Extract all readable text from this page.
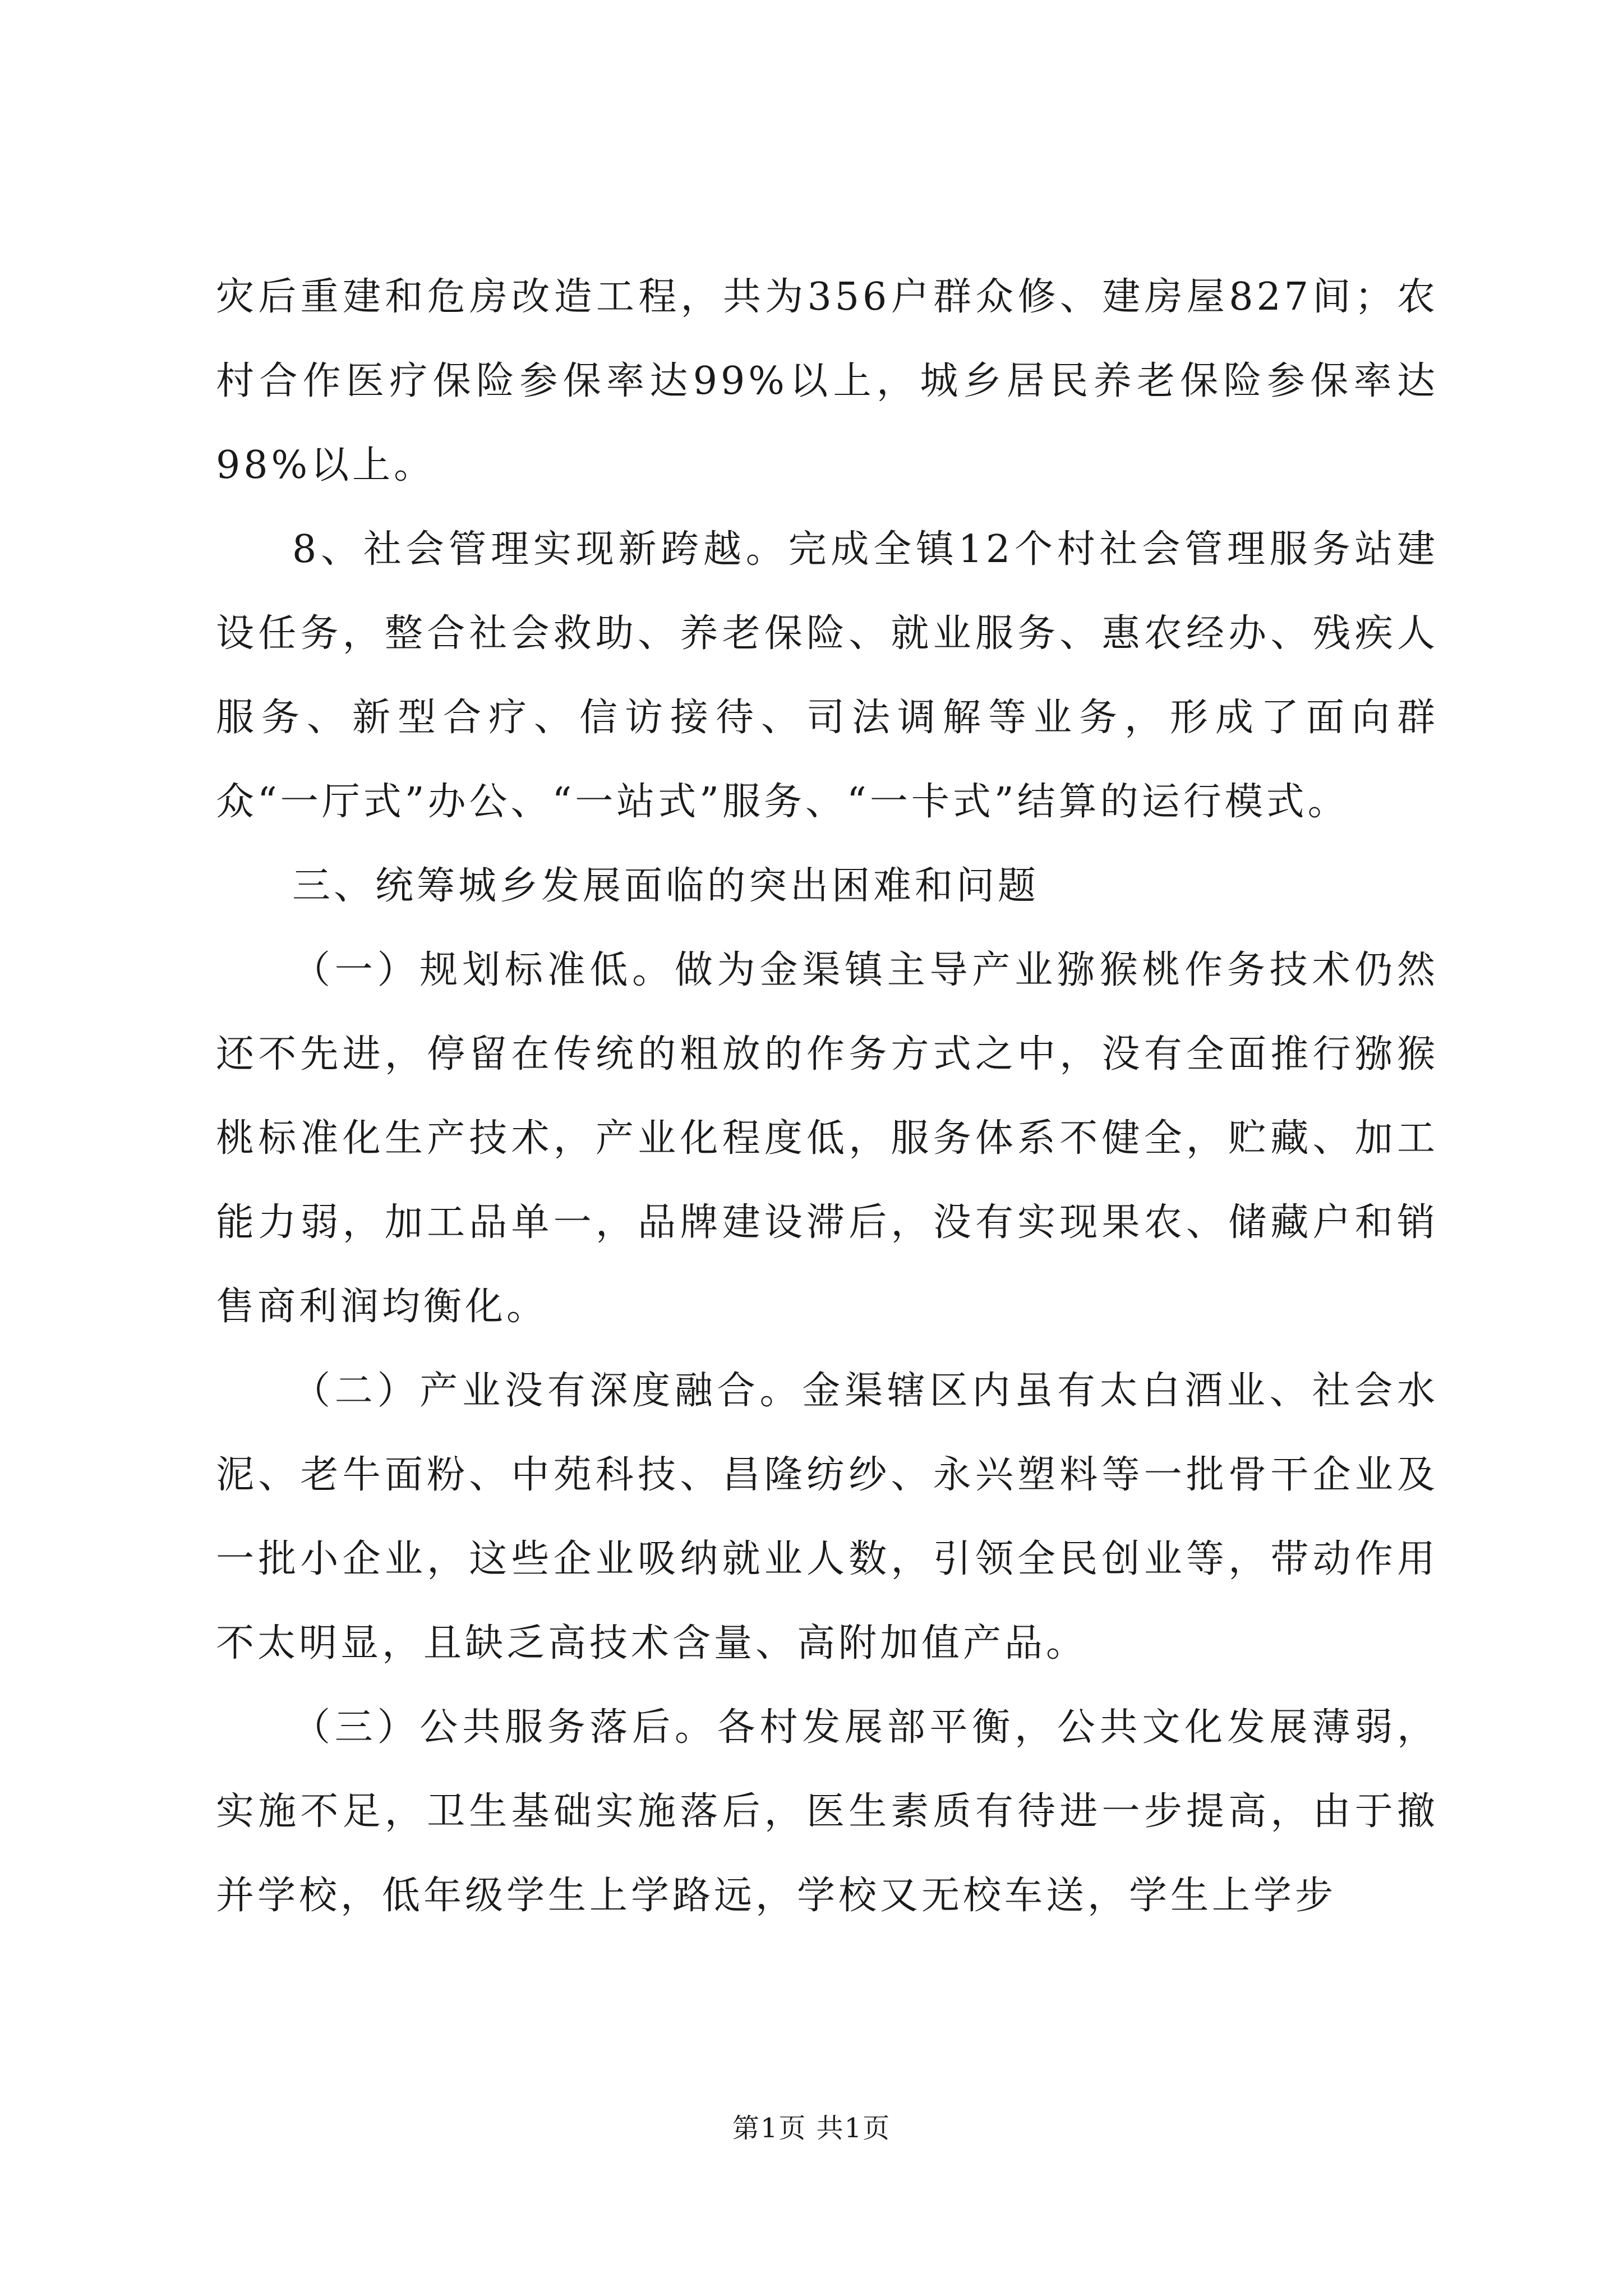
灾后重建和危房改造工程，共为356户群众修、建房屋827间；农村合作医疗保险参保率达99%以上，城乡居民养老保险参保率达98%以上。

8、社会管理实现新跨越。完成全镇12个村社会管理服务站建设任务，整合社会救助、养老保险、就业服务、惠农经办、残疾人服务、新型合疗、信访接待、司法调解等业务，形成了面向群众“一厅式”办公、“一站式”服务、“一卡式”结算的运行模式。

三、统筹城乡发展面临的突出困难和问题

（一）规划标准低。做为金渠镇主导产业猕猴桃作务技术仍然还不先进，停留在传统的粗放的作务方式之中，没有全面推行猕猴桃标准化生产技术，产业化程度低，服务体系不健全，贮藏、加工能力弱，加工品单一，品牌建设滞后，没有实现果农、储藏户和销售商利润均衡化。

（二）产业没有深度融合。金渠辖区内虽有太白酒业、社会水泥、老牛面粉、中苑科技、昌隆纺纱、永兴塑料等一批骨干企业及一批小企业，这些企业吸纳就业人数，引领全民创业等，带动作用不太明显，且缺乏高技术含量、高附加值产品。

（三）公共服务落后。各村发展部平衡，公共文化发展薄弱，实施不足，卫生基础实施落后，医生素质有待进一步提高，由于撤并学校，低年级学生上学路远，学校又无校车送，学生上学步

第1页 共1页
